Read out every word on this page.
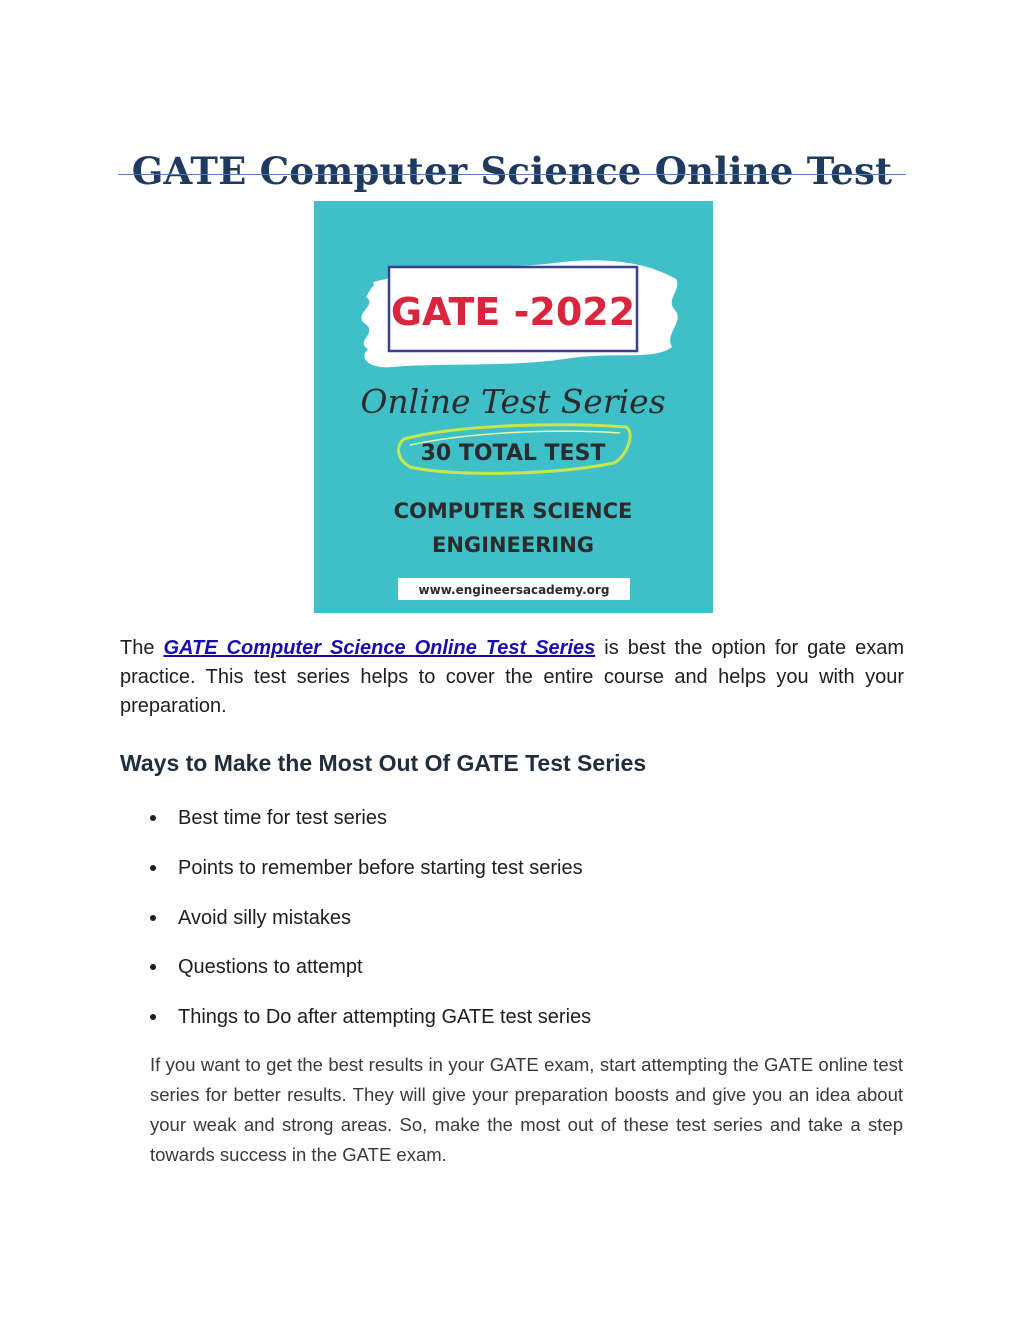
GATE Computer Science Online Test
GATE -2022
Online Test Series
30 TOTAL TEST
COMPUTER SCIENCE
ENGINEERING
www.engineersacademy.org

The GATE Computer Science Online Test Series is best the option for gate exam practice. This test series helps to cover the entire course and helps you with your preparation.

Ways to Make the Most Out Of GATE Test Series
Best time for test series
Points to remember before starting test series
Avoid silly mistakes
Questions to attempt
Things to Do after attempting GATE test series

If you want to get the best results in your GATE exam, start attempting the GATE online test series for better results. They will give your preparation boosts and give you an idea about your weak and strong areas. So, make the most out of these test series and take a step towards success in the GATE exam.
